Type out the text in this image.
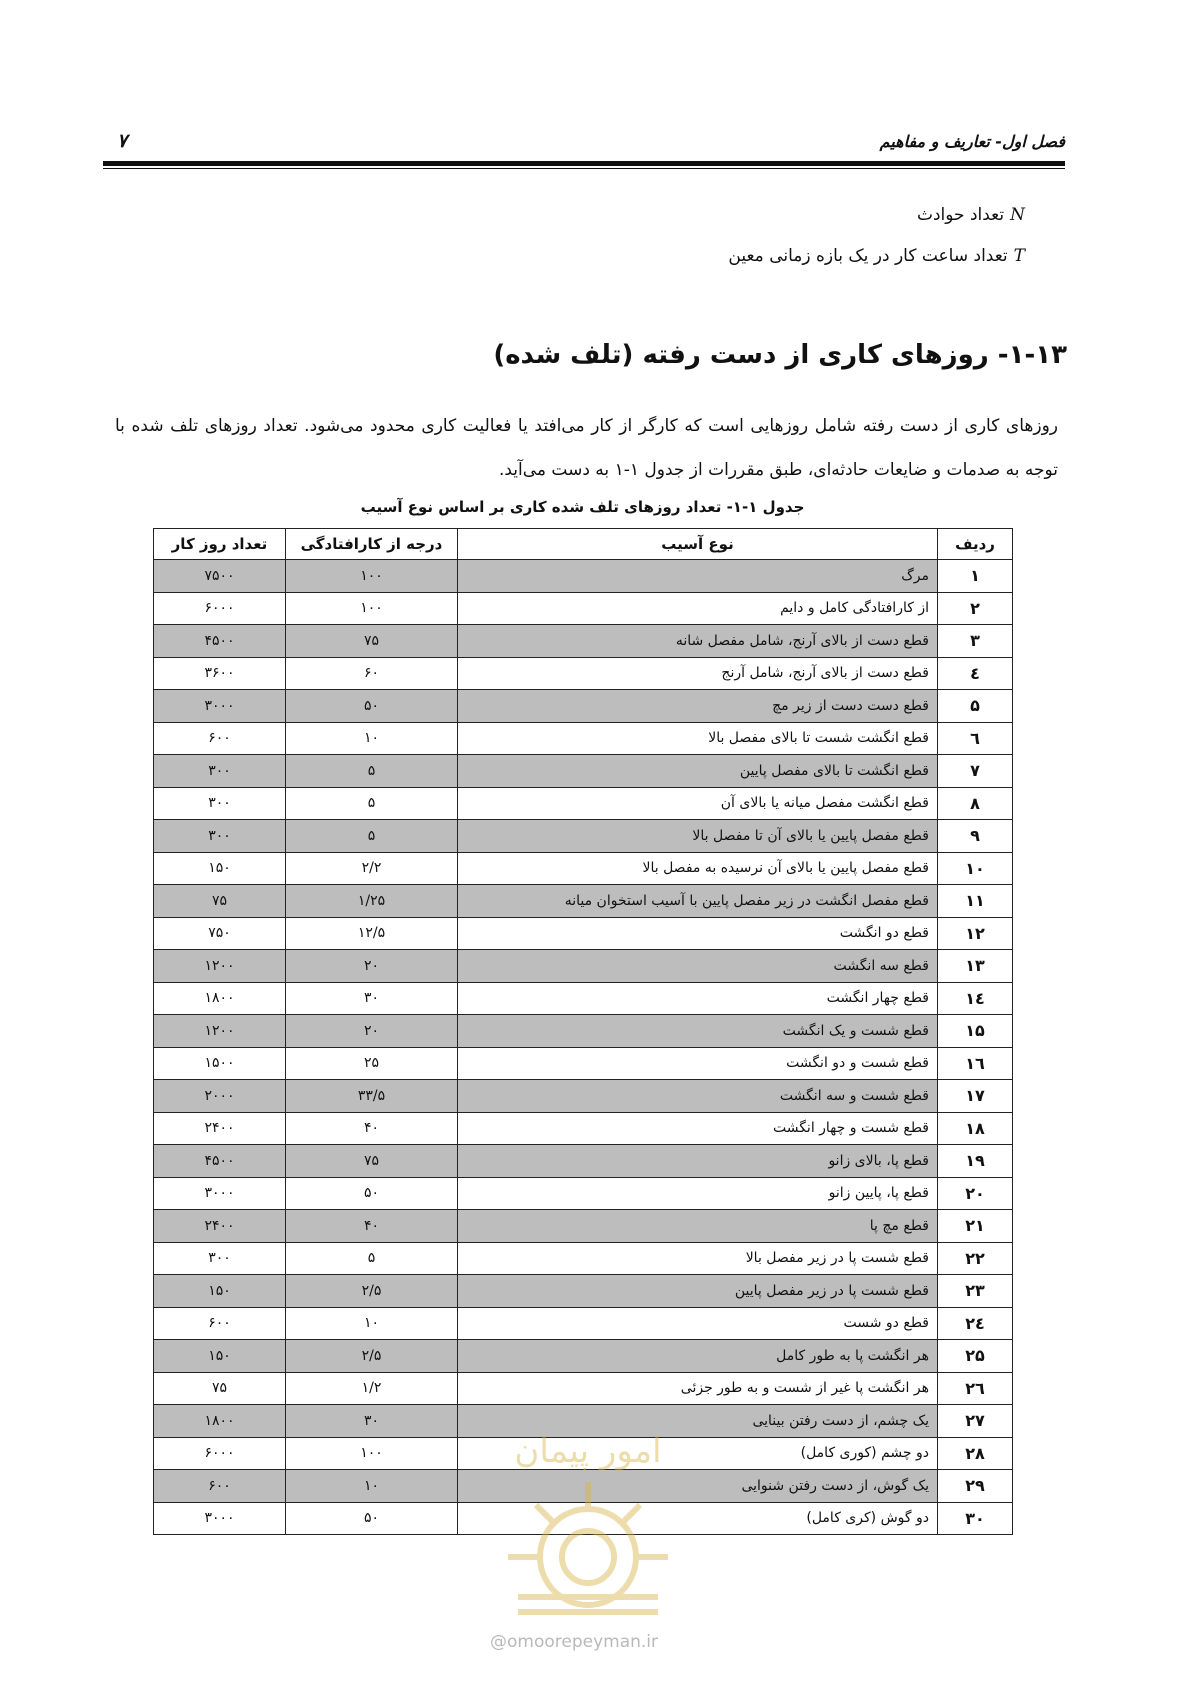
فصل اول- تعاریف و مفاهیم
۷
Nتعداد حوادث
Tتعداد ساعت کار در یک بازه زمانی معین
۱-۱۳- روزهای کاری از دست رفته (تلف شده)
روزهای کاری از دست رفته شامل روزهایی است که کارگر از کار می‌افتد یا فعالیت کاری محدود می‌شود. تعداد روزهای تلف شده با توجه به صدمات و ضایعات حادثه‌ای، طبق مقررات از جدول ۱-۱ به دست می‌آید.
جدول ۱-۱- تعداد روزهای تلف شده کاری بر اساس نوع آسیب
ردیف	نوع آسیب	درجه از کارافتادگی	تعداد روز کار
۱	مرگ	۱۰۰	۷۵۰۰
۲	از کارافتادگی کامل و دایم	۱۰۰	۶۰۰۰
۳	قطع دست از بالای آرنج، شامل مفصل شانه	۷۵	۴۵۰۰
٤	قطع دست از بالای آرنج، شامل آرنج	۶۰	۳۶۰۰
۵	قطع دست دست از زیر مچ	۵۰	۳۰۰۰
٦	قطع انگشت شست تا بالای مفصل بالا	۱۰	۶۰۰
۷	قطع انگشت تا بالای مفصل پایین	۵	۳۰۰
۸	قطع انگشت مفصل میانه یا بالای آن	۵	۳۰۰
۹	قطع مفصل پایین یا بالای آن تا مفصل بالا	۵	۳۰۰
۱۰	قطع مفصل پایین یا بالای آن نرسیده به مفصل بالا	۲/۲	۱۵۰
۱۱	قطع مفصل انگشت در زیر مفصل پایین با آسیب استخوان میانه	۱/۲۵	۷۵
۱۲	قطع دو انگشت	۱۲/۵	۷۵۰
۱۳	قطع سه انگشت	۲۰	۱۲۰۰
۱٤	قطع چهار انگشت	۳۰	۱۸۰۰
۱۵	قطع شست و یک انگشت	۲۰	۱۲۰۰
۱٦	قطع شست و دو انگشت	۲۵	۱۵۰۰
۱۷	قطع شست و سه انگشت	۳۳/۵	۲۰۰۰
۱۸	قطع شست و چهار انگشت	۴۰	۲۴۰۰
۱۹	قطع پا، بالای زانو	۷۵	۴۵۰۰
۲۰	قطع پا، پایین زانو	۵۰	۳۰۰۰
۲۱	قطع مچ پا	۴۰	۲۴۰۰
۲۲	قطع شست پا در زیر مفصل بالا	۵	۳۰۰
۲۳	قطع شست پا در زیر مفصل پایین	۲/۵	۱۵۰
۲٤	قطع دو شست	۱۰	۶۰۰
۲۵	هر انگشت پا به طور کامل	۲/۵	۱۵۰
۲٦	هر انگشت پا غیر از شست و به طور جزئی	۱/۲	۷۵
۲۷	یک چشم، از دست رفتن بینایی	۳۰	۱۸۰۰
۲۸	دو چشم (کوری کامل)	۱۰۰	۶۰۰۰
۲۹	یک گوش، از دست رفتن شنوایی	۱۰	۶۰۰
۳۰	دو گوش (کری کامل)	۵۰	۳۰۰۰
امور پیمان
@omoorepeyman.ir
